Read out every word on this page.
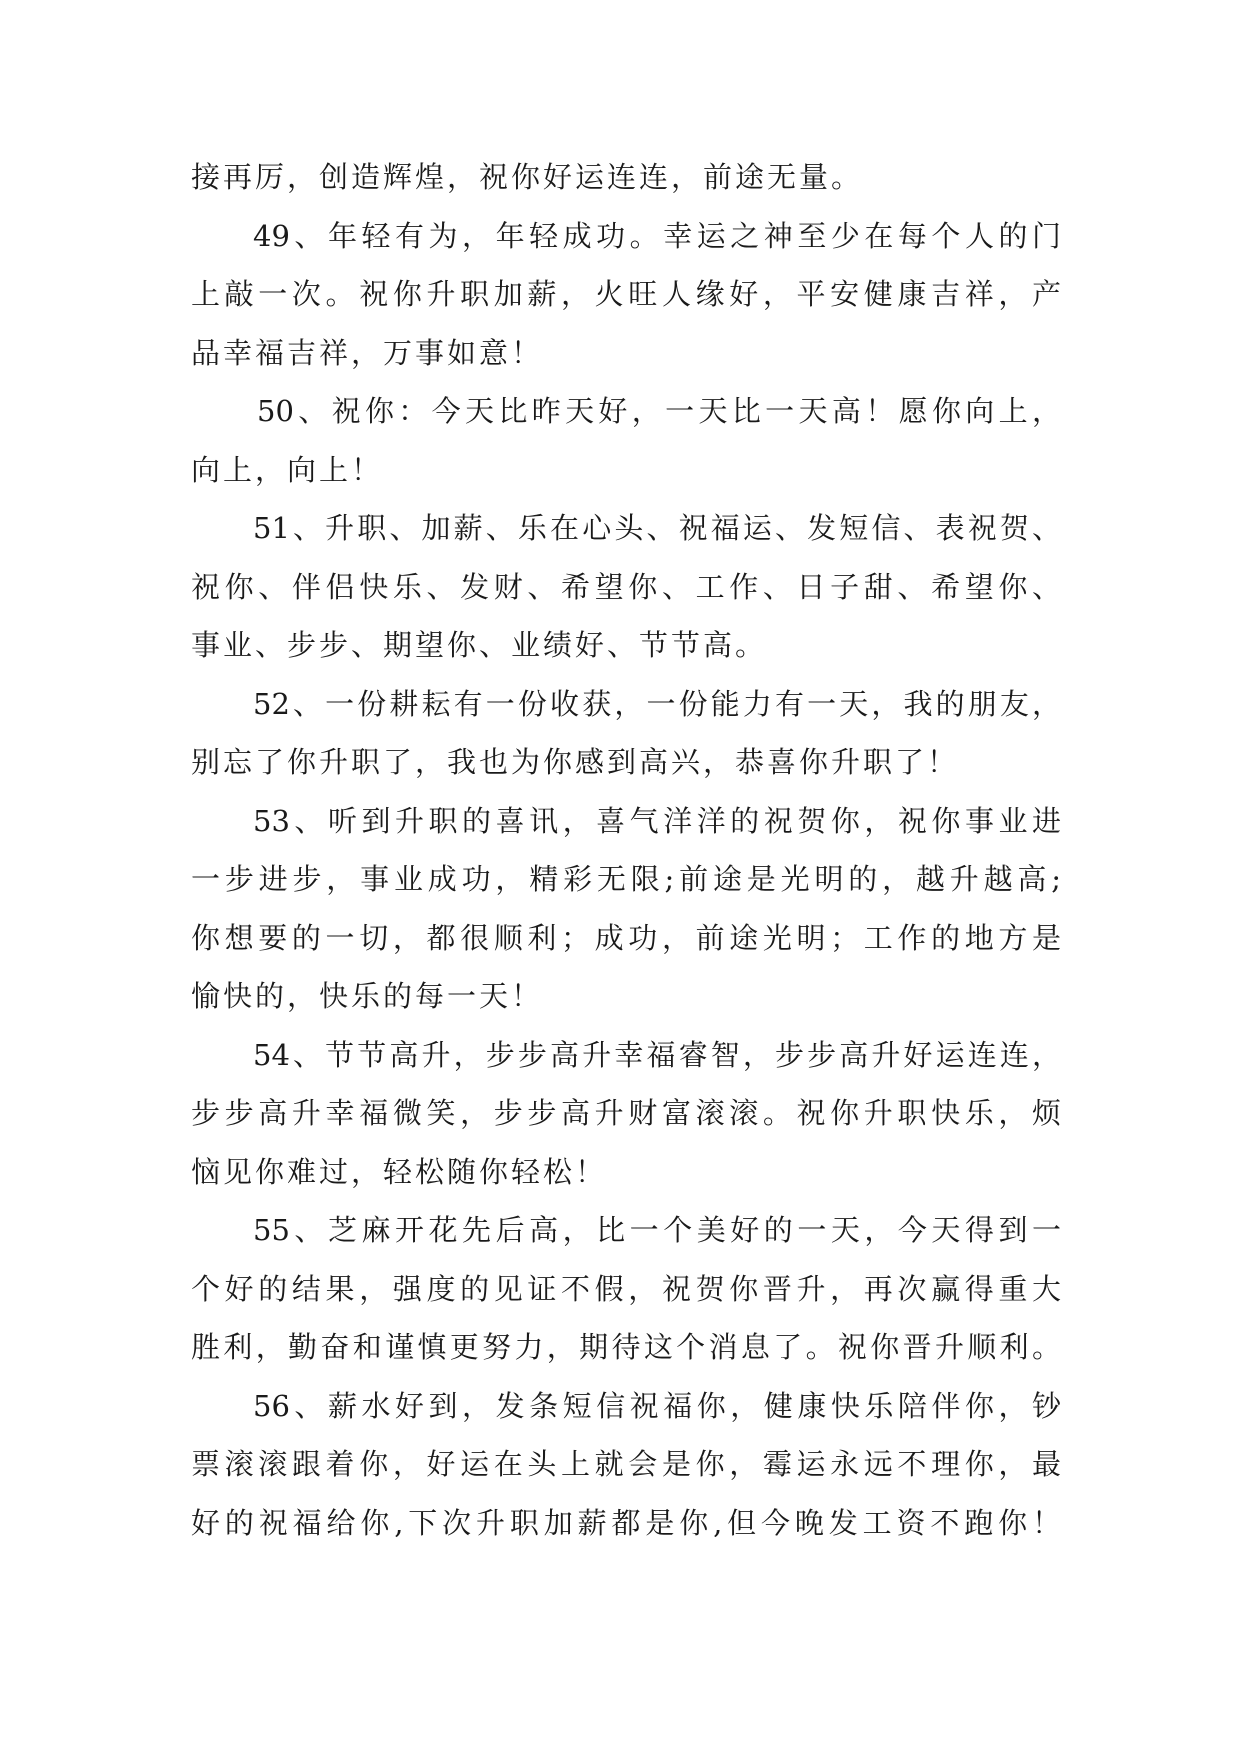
接再厉，创造辉煌，祝你好运连连，前途无量。
49、年轻有为，年轻成功。幸运之神至少在每个人的门
上敲一次。祝你升职加薪，火旺人缘好，平安健康吉祥，产
品幸福吉祥，万事如意！
50、祝你：今天比昨天好，一天比一天高！愿你向上，
向上，向上！
51、升职、加薪、乐在心头、祝福运、发短信、表祝贺、
祝你、伴侣快乐、发财、希望你、工作、日子甜、希望你、
事业、步步、期望你、业绩好、节节高。
52、一份耕耘有一份收获，一份能力有一天，我的朋友，
别忘了你升职了，我也为你感到高兴，恭喜你升职了！
53、听到升职的喜讯，喜气洋洋的祝贺你，祝你事业进
一步进步，事业成功，精彩无限;前途是光明的，越升越高;
你想要的一切，都很顺利；成功，前途光明；工作的地方是
愉快的，快乐的每一天！
54、节节高升，步步高升幸福睿智，步步高升好运连连，
步步高升幸福微笑，步步高升财富滚滚。祝你升职快乐，烦
恼见你难过，轻松随你轻松！
55、芝麻开花先后高，比一个美好的一天，今天得到一
个好的结果，强度的见证不假，祝贺你晋升，再次赢得重大
胜利，勤奋和谨慎更努力，期待这个消息了。祝你晋升顺利。
56、薪水好到，发条短信祝福你，健康快乐陪伴你，钞
票滚滚跟着你，好运在头上就会是你，霉运永远不理你，最
好的祝福给你,下次升职加薪都是你,但今晚发工资不跑你！
